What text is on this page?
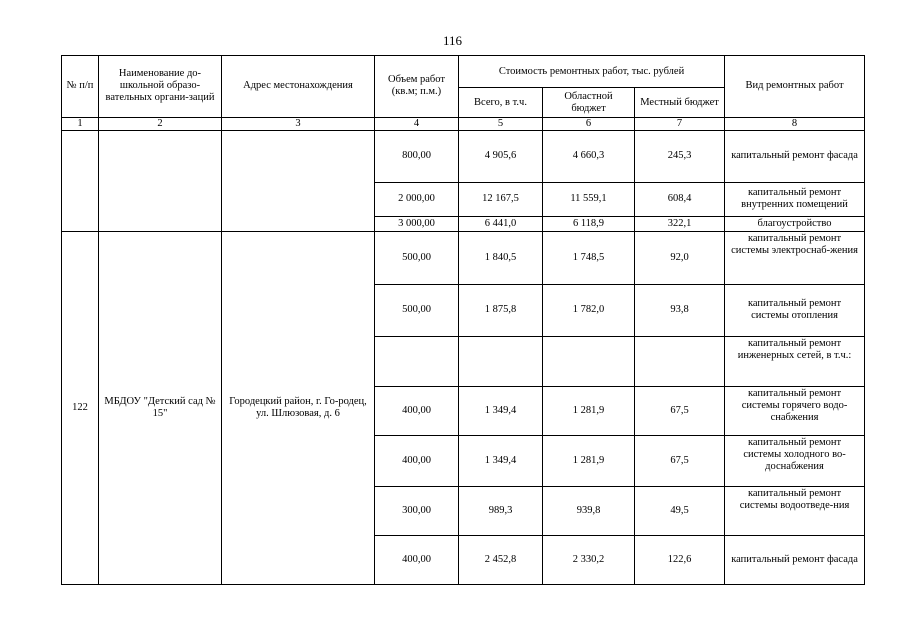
116
№ п/п	Наименование до-школьной образо-вательных органи-заций	Адрес местонахождения	Объем работ (кв.м; п.м.)	Стоимость ремонтных работ, тыс. рублей			Вид ремонтных работ
				Всего, в т.ч.	Областной бюджет	Местный бюджет	
1	2	3	4	5	6	7	8
			800,00	4 905,6	4 660,3	245,3	капитальный ремонт фасада
			2 000,00	12 167,5	11 559,1	608,4	капитальный ремонт внутренних помещений
			3 000,00	6 441,0	6 118,9	322,1	благоустройство
122	МБДОУ "Детский сад № 15"	Городецкий район, г. Го-родец, ул. Шлюзовая, д. 6	500,00	1 840,5	1 748,5	92,0	капитальный ремонт системы электроснаб-жения
			500,00	1 875,8	1 782,0	93,8	капитальный ремонт системы отопления
							капитальный ремонт инженерных сетей, в т.ч.:
			400,00	1 349,4	1 281,9	67,5	капитальный ремонт системы горячего водо-снабжения
			400,00	1 349,4	1 281,9	67,5	капитальный ремонт системы холодного во-доснабжения
			300,00	989,3	939,8	49,5	капитальный ремонт системы водоотведе-ния
			400,00	2 452,8	2 330,2	122,6	капитальный ремонт фасада
